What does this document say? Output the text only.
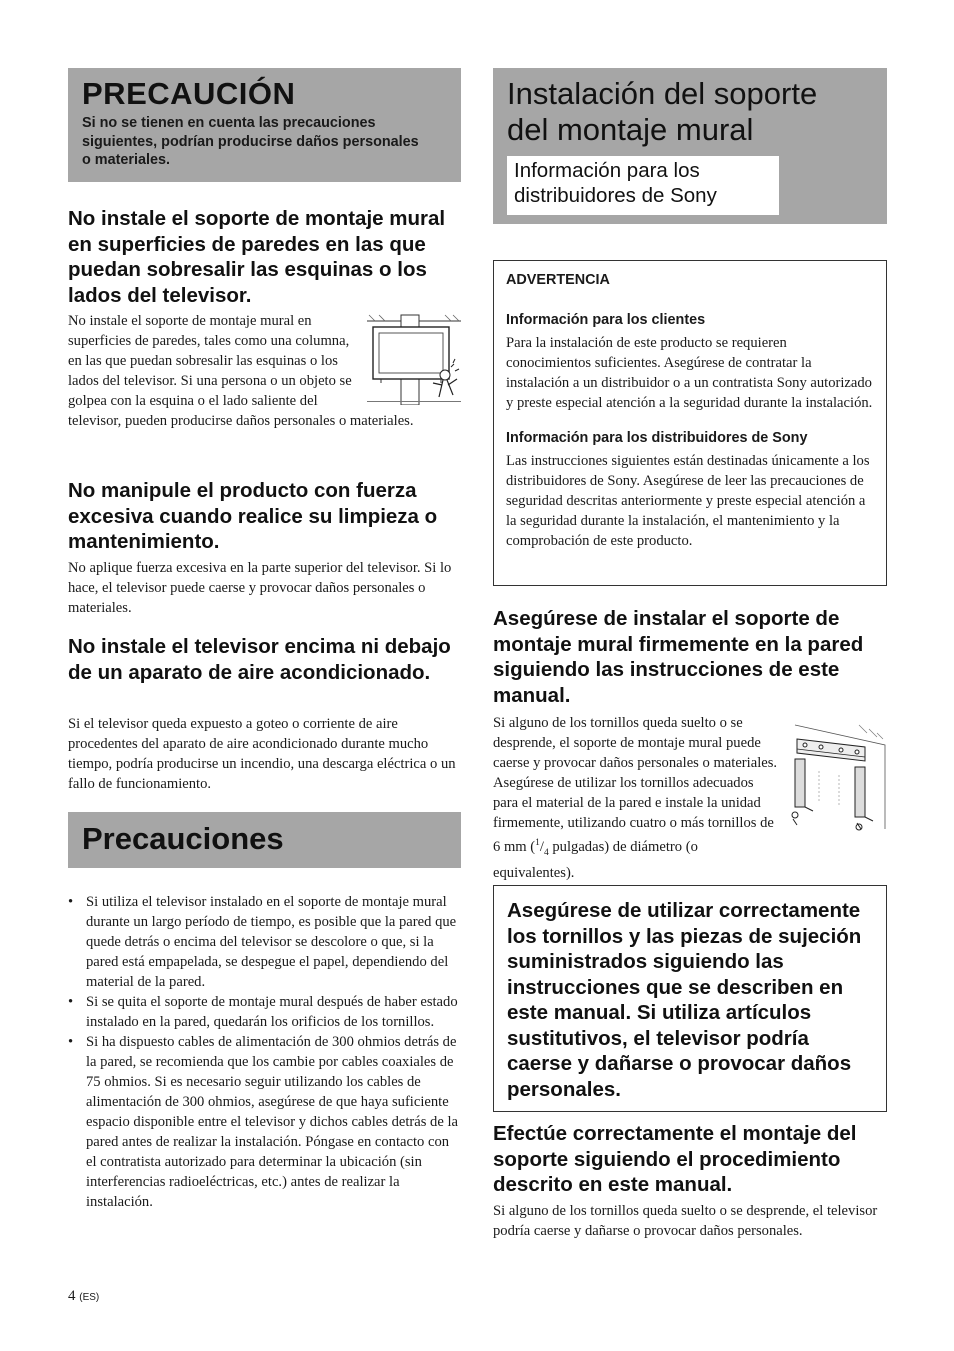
PRECAUCIÓN

Si no se tienen en cuenta las precauciones siguientes, podrían producirse daños personales o materiales.

No instale el soporte de montaje mural en superficies de paredes en las que puedan sobresalir las esquinas o los lados del televisor.
No instale el soporte de montaje mural en superficies de paredes, tales como una columna, en las que puedan sobresalir las esquinas o los lados del televisor. Si una persona o un objeto se golpea con la esquina o el lado saliente del televisor, pueden producirse daños personales o materiales.
No manipule el producto con fuerza excesiva cuando realice su limpieza o mantenimiento.

No aplique fuerza excesiva en la parte superior del televisor. Si lo hace, el televisor puede caerse y provocar daños personales o materiales.

No instale el televisor encima ni debajo de un aparato de aire acondicionado.

Si el televisor queda expuesto a goteo o corriente de aire procedentes del aparato de aire acondicionado durante mucho tiempo, podría producirse un incendio, una descarga eléctrica o un fallo de funcionamiento.

Precauciones
• Si utiliza el televisor instalado en el soporte de montaje mural durante un largo período de tiempo, es posible que la pared que quede detrás o encima del televisor se descolore o que, si la pared está empapelada, se despegue el papel, dependiendo del material de la pared.
• Si se quita el soporte de montaje mural después de haber estado instalado en la pared, quedarán los orificios de los tornillos.
• Si ha dispuesto cables de alimentación de 300 ohmios detrás de la pared, se recomienda que los cambie por cables coaxiales de 75 ohmios. Si es necesario seguir utilizando los cables de alimentación de 300 ohmios, asegúrese de que haya suficiente espacio disponible entre el televisor y dichos cables detrás de la pared antes de realizar la instalación. Póngase en contacto con el contratista autorizado para determinar la ubicación (sin interferencias radioeléctricas, etc.) antes de realizar la instalación.
4 (ES)
Instalación del soporte del montaje mural
Información para los distribuidores de Sony

ADVERTENCIA

Información para los clientes

Para la instalación de este producto se requieren conocimientos suficientes. Asegúrese de contratar la instalación a un distribuidor o a un contratista Sony autorizado y preste especial atención a la seguridad durante la instalación.

Información para los distribuidores de Sony

Las instrucciones siguientes están destinadas únicamente a los distribuidores de Sony. Asegúrese de leer las precauciones de seguridad descritas anteriormente y preste especial atención a la seguridad durante la instalación, el mantenimiento y la comprobación de este producto.

Asegúrese de instalar el soporte de montaje mural firmemente en la pared siguiendo las instrucciones de este manual.
Si alguno de los tornillos queda suelto o se desprende, el soporte de montaje mural puede caerse y provocar daños personales o materiales. Asegúrese de utilizar los tornillos adecuados para el material de la pared e instale la unidad firmemente, utilizando cuatro o más tornillos de 6 mm ($^1/_4$ pulgadas) de diámetro (o equivalentes).

Asegúrese de utilizar correctamente los tornillos y las piezas de sujeción suministrados siguiendo las instrucciones que se describen en este manual. Si utiliza artículos sustitutivos, el televisor podría caerse y dañarse o provocar daños personales.

Efectúe correctamente el montaje del soporte siguiendo el procedimiento descrito en este manual.

Si alguno de los tornillos queda suelto o se desprende, el televisor podría caerse y dañarse o provocar daños personales.
